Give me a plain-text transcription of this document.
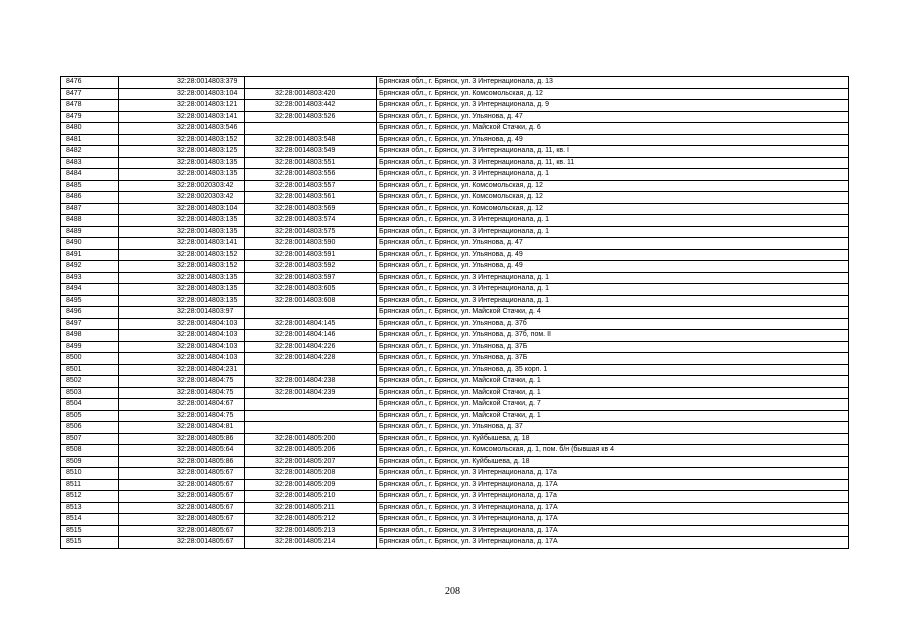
8476	32:28:0014803:379		Брянская обл., г. Брянск, ул. 3 Интернационала, д. 13
8477	32:28:0014803:104	32:28:0014803:420	Брянская обл., г. Брянск, ул. Комсомольская, д. 12
8478	32:28:0014803:121	32:28:0014803:442	Брянская обл., г. Брянск, ул. 3 Интернационала, д. 9
8479	32:28:0014803:141	32:28:0014803:526	Брянская обл., г. Брянск, ул. Ульянова, д. 47
8480	32:28:0014803:546		Брянская обл., г. Брянск, ул. Майской Стачки, д. 6
8481	32:28:0014803:152	32:28:0014803:548	Брянская обл., г. Брянск, ул. Ульянова, д. 49
8482	32:28:0014803:125	32:28:0014803:549	Брянская обл., г. Брянск, ул. 3 Интернационала, д. 11, кв. I
8483	32:28:0014803:135	32:28:0014803:551	Брянская обл., г. Брянск, ул. 3 Интернационала, д. 11, кв. 11
8484	32:28:0014803:135	32:28:0014803:556	Брянская обл., г. Брянск, ул. 3 Интернационала, д. 1
8485	32:28:0020303:42	32:28:0014803:557	Брянская обл., г. Брянск, ул. Комсомольская, д. 12
8486	32:28:0020303:42	32:28:0014803:561	Брянская обл., г. Брянск, ул. Комсомольская, д. 12
8487	32:28:0014803:104	32:28:0014803:569	Брянская обл., г. Брянск, ул. Комсомольская, д. 12
8488	32:28:0014803:135	32:28:0014803:574	Брянская обл., г. Брянск, ул. 3 Интернационала, д. 1
8489	32:28:0014803:135	32:28:0014803:575	Брянская обл., г. Брянск, ул. 3 Интернационала, д. 1
8490	32:28:0014803:141	32:28:0014803:590	Брянская обл., г. Брянск, ул. Ульянова, д. 47
8491	32:28:0014803:152	32:28:0014803:591	Брянская обл., г. Брянск, ул. Ульянова, д. 49
8492	32:28:0014803:152	32:28:0014803:592	Брянская обл., г. Брянск, ул. Ульянова, д. 49
8493	32:28:0014803:135	32:28:0014803:597	Брянская обл., г. Брянск, ул. 3 Интернационала, д. 1
8494	32:28:0014803:135	32:28:0014803:605	Брянская обл., г. Брянск, ул. 3 Интернационала, д. 1
8495	32:28:0014803:135	32:28:0014803:608	Брянская обл., г. Брянск, ул. 3 Интернационала, д. 1
8496	32:28:0014803:97		Брянская обл., г. Брянск, ул. Майской Стачки, д. 4
8497	32:28:0014804:103	32:28:0014804:145	Брянская обл., г. Брянск, ул. Ульянова, д. 37б
8498	32:28:0014804:103	32:28:0014804:146	Брянская обл., г. Брянск, ул. Ульянова, д. 37б, пом. II
8499	32:28:0014804:103	32:28:0014804:226	Брянская обл., г. Брянск, ул. Ульянова, д. 37Б
8500	32:28:0014804:103	32:28:0014804:228	Брянская обл., г. Брянск, ул. Ульянова, д. 37Б
8501	32:28:0014804:231		Брянская обл., г. Брянск, ул. Ульянова, д. 35 корп. 1
8502	32:28:0014804:75	32:28:0014804:238	Брянская обл., г. Брянск, ул. Майской Стачки, д. 1
8503	32:28:0014804:75	32:28:0014804:239	Брянская обл., г. Брянск, ул. Майской Стачки, д. 1
8504	32:28:0014804:67		Брянская обл., г. Брянск, ул. Майской Стачки, д. 7
8505	32:28:0014804:75		Брянская обл., г. Брянск, ул. Майской Стачки, д. 1
8506	32:28:0014804:81		Брянская обл., г. Брянск, ул. Ульянова, д. 37
8507	32:28:0014805:86	32:28:0014805:200	Брянская обл., г. Брянск, ул. Куйбышева, д. 18
8508	32:28:0014805:64	32:28:0014805:206	Брянская обл., г. Брянск, ул. Комсомольская, д. 1, пом. б/н (бывшая кв 4
8509	32:28:0014805:86	32:28:0014805:207	Брянская обл., г. Брянск, ул. Куйбышева, д. 18
8510	32:28:0014805:67	32:28:0014805:208	Брянская обл., г. Брянск, ул. 3 Интернационала, д. 17а
8511	32:28:0014805:67	32:28:0014805:209	Брянская обл., г. Брянск, ул. 3 Интернационала, д. 17А
8512	32:28:0014805:67	32:28:0014805:210	Брянская обл., г. Брянск, ул. 3 Интернационала, д. 17а
8513	32:28:0014805:67	32:28:0014805:211	Брянская обл., г. Брянск, ул. 3 Интернационала, д. 17А
8514	32:28:0014805:67	32:28:0014805:212	Брянская обл., г. Брянск, ул. 3 Интернационала, д. 17А
8515	32:28:0014805:67	32:28:0014805:213	Брянская обл., г. Брянск, ул. 3 Интернационала, д. 17А
8515	32:28:0014805:67	32:28:0014805:214	Брянская обл., г. Брянск, ул. 3 Интернационала, д. 17А
208
